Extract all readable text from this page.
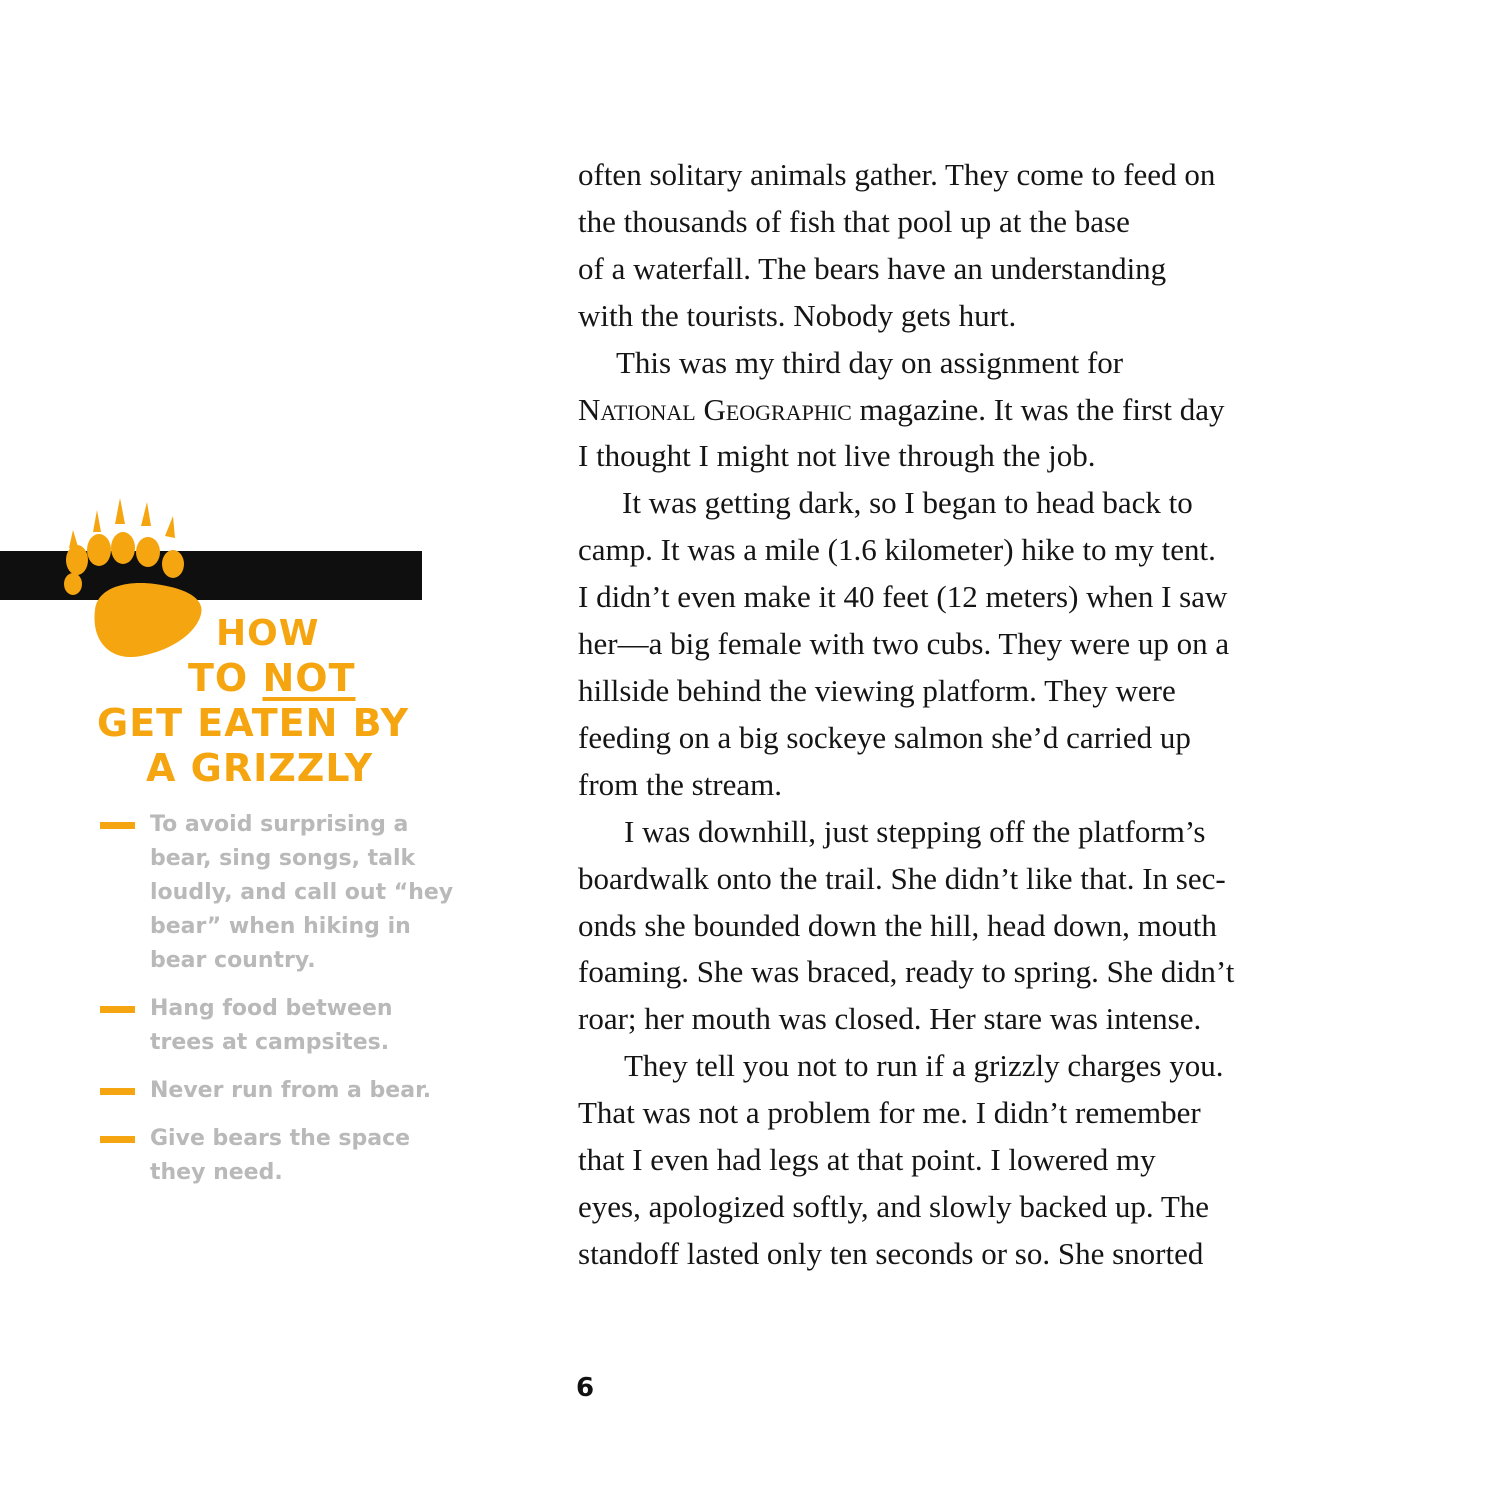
HOW
TO NOT
GET EATEN BY
A GRIZZLY
To avoid surprising a bear, sing songs, talk loudly, and call out “hey bear” when hiking in bear country.
Hang food between trees at campsites.
Never run from a bear.
Give bears the space they need.

often solitary animals gather. They come to feed on
the thousands of fish that pool up at the base
of a waterfall. The bears have an understanding
with the tourists. Nobody gets hurt.

This was my third day on assignment for
National Geographic magazine. It was the first day
I thought I might not live through the job.

It was getting dark, so I began to head back to
camp. It was a mile (1.6 kilometer) hike to my tent.
I didn’t even make it 40 feet (12 meters) when I saw
her—a big female with two cubs. They were up on a
hillside behind the viewing platform. They were
feeding on a big sockeye salmon she’d carried up
from the stream.

I was downhill, just stepping off the platform’s
boardwalk onto the trail. She didn’t like that. In sec-
onds she bounded down the hill, head down, mouth
foaming. She was braced, ready to spring. She didn’t
roar; her mouth was closed. Her stare was intense.

They tell you not to run if a grizzly charges you.
That was not a problem for me. I didn’t remember
that I even had legs at that point. I lowered my
eyes, apologized softly, and slowly backed up. The
standoff lasted only ten seconds or so. She snorted

6
